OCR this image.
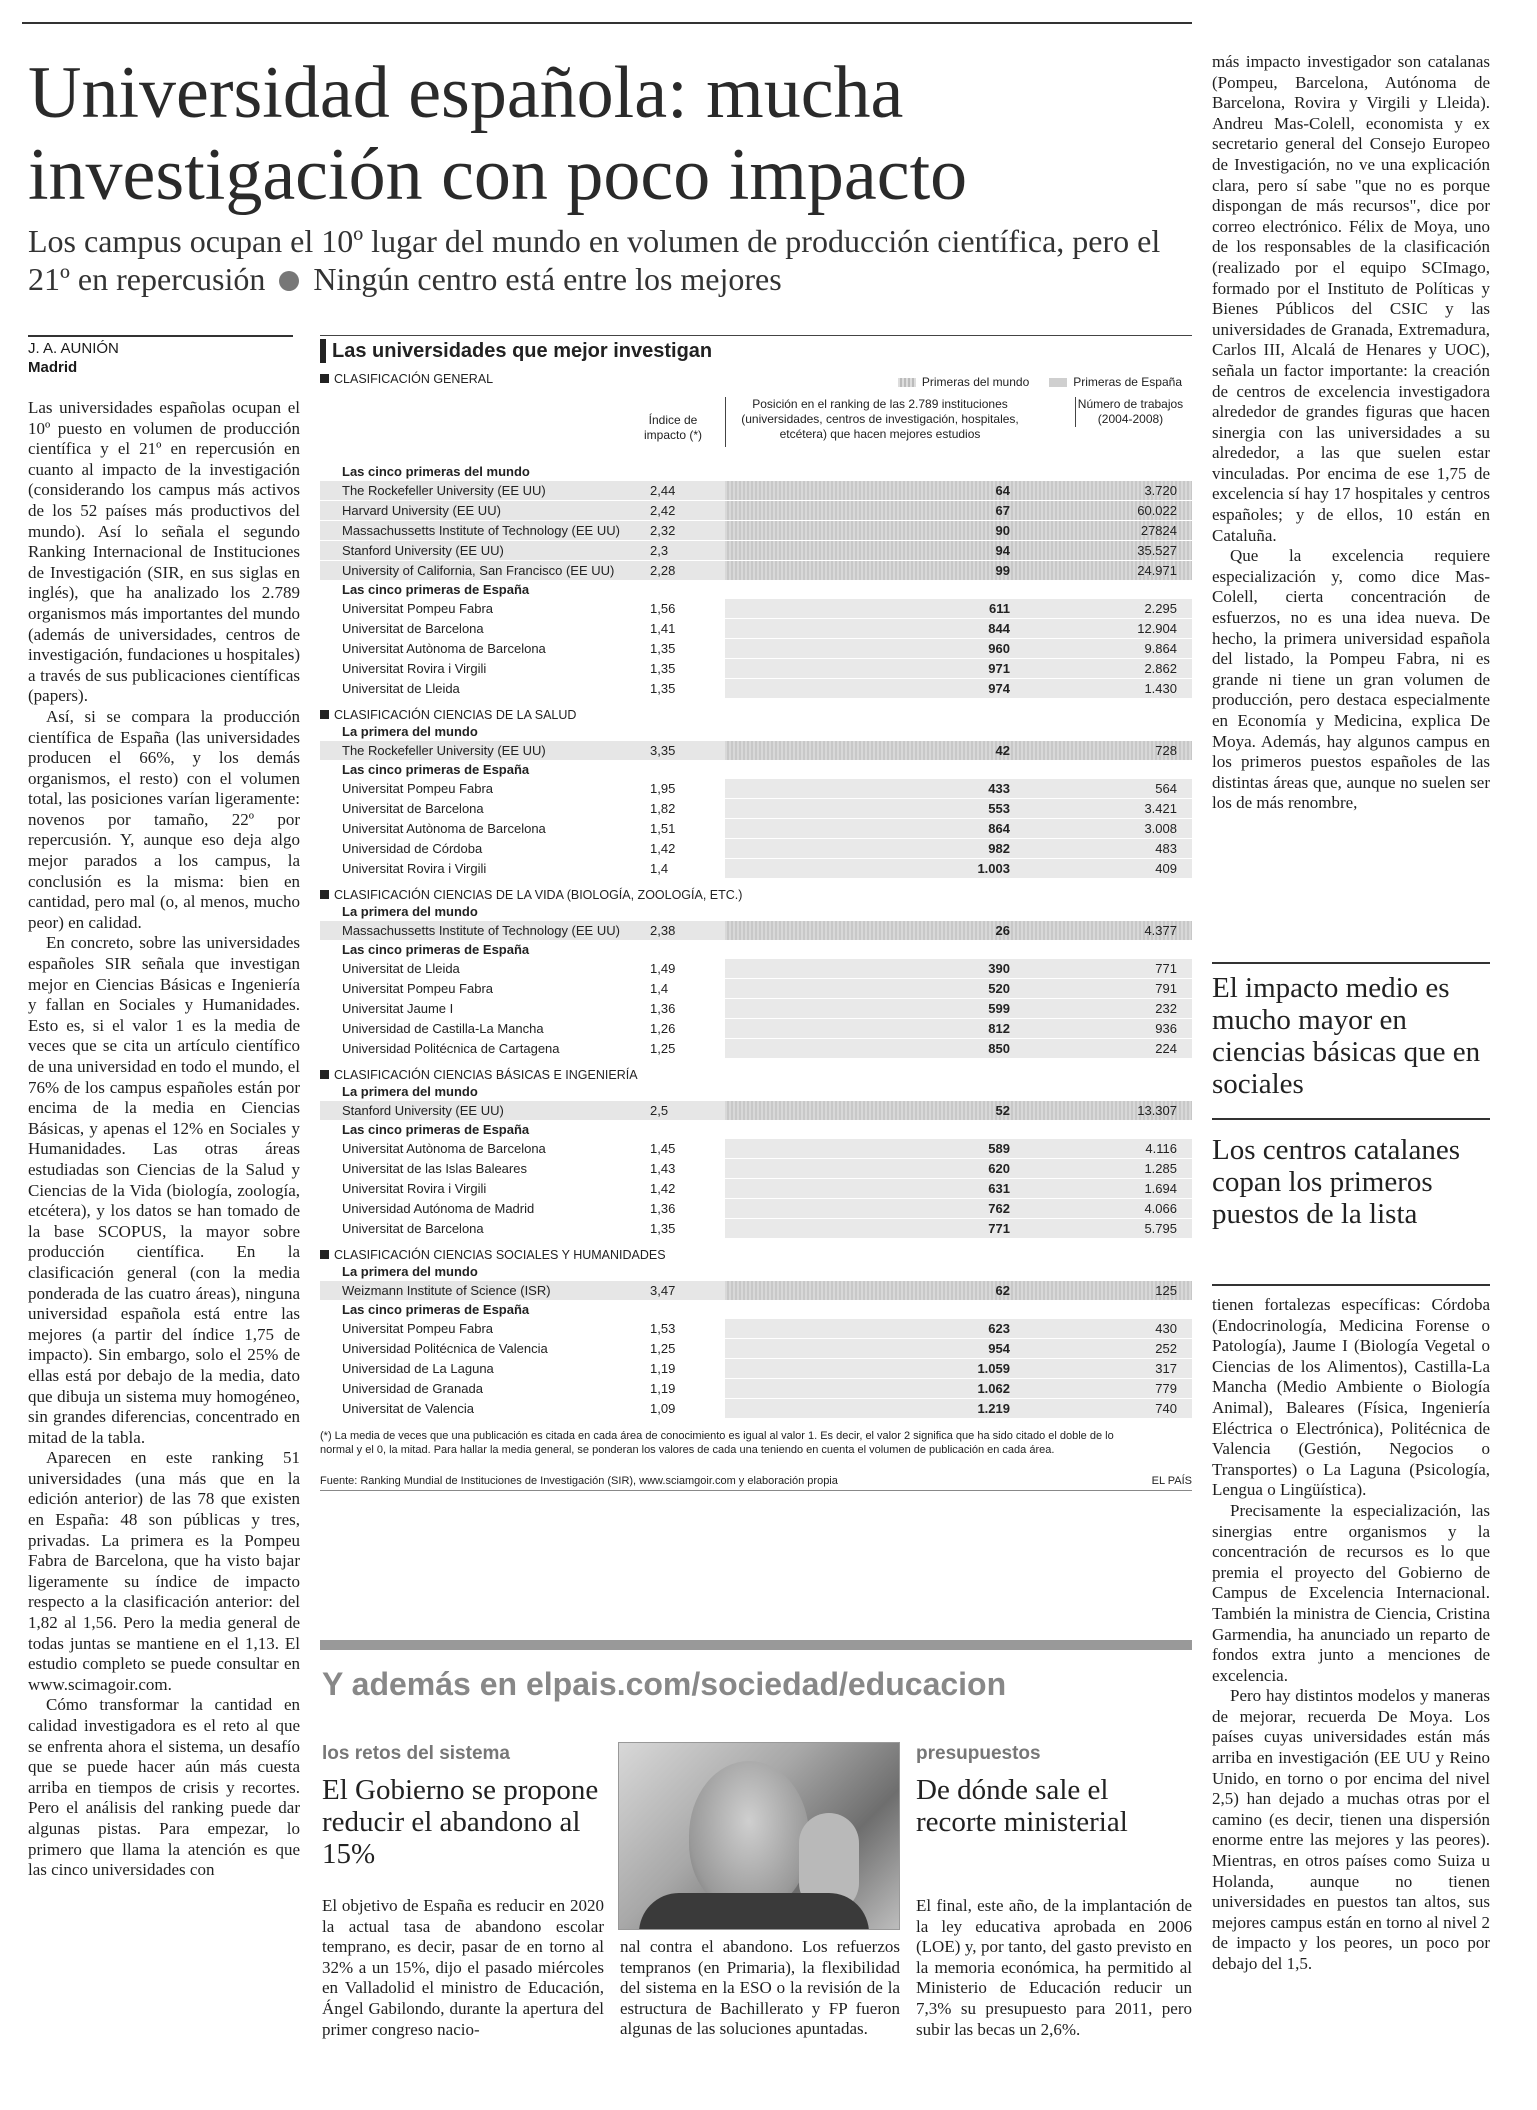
Universidad española: mucha investigación con poco impacto
Los campus ocupan el 10º lugar del mundo en volumen de producción científica, pero el 21º en repercusión Ningún centro está entre los mejores
J. A. AUNIÓN
Madrid

Las universidades españolas ocupan el 10º puesto en volumen de producción científica y el 21º en repercusión en cuanto al impacto de la investigación (considerando los campus más activos de los 52 países más productivos del mundo). Así lo señala el segundo Ranking Internacional de Instituciones de Investigación (SIR, en sus siglas en inglés), que ha analizado los 2.789 organismos más importantes del mundo (además de universidades, centros de investigación, fundaciones u hospitales) a través de sus publicaciones científicas (papers).

Así, si se compara la producción científica de España (las universidades producen el 66%, y los demás organismos, el resto) con el volumen total, las posiciones varían ligeramente: novenos por tamaño, 22º por repercusión. Y, aunque eso deja algo mejor parados a los campus, la conclusión es la misma: bien en cantidad, pero mal (o, al menos, mucho peor) en calidad.

En concreto, sobre las universidades españoles SIR señala que investigan mejor en Ciencias Básicas e Ingeniería y fallan en Sociales y Humanidades. Esto es, si el valor 1 es la media de veces que se cita un artículo científico de una universidad en todo el mundo, el 76% de los campus españoles están por encima de la media en Ciencias Básicas, y apenas el 12% en Sociales y Humanidades. Las otras áreas estudiadas son Ciencias de la Salud y Ciencias de la Vida (biología, zoología, etcétera), y los datos se han tomado de la base SCOPUS, la mayor sobre producción científica. En la clasificación general (con la media ponderada de las cuatro áreas), ninguna universidad española está entre las mejores (a partir del índice 1,75 de impacto). Sin embargo, solo el 25% de ellas está por debajo de la media, dato que dibuja un sistema muy homogéneo, sin grandes diferencias, concentrado en mitad de la tabla.

Aparecen en este ranking 51 universidades (una más que en la edición anterior) de las 78 que existen en España: 48 son públicas y tres, privadas. La primera es la Pompeu Fabra de Barcelona, que ha visto bajar ligeramente su índice de impacto respecto a la clasificación anterior: del 1,82 al 1,56. Pero la media general de todas juntas se mantiene en el 1,13. El estudio completo se puede consultar en www.scimagoir.com.

Cómo transformar la cantidad en calidad investigadora es el reto al que se enfrenta ahora el sistema, un desafío que se puede hacer aún más cuesta arriba en tiempos de crisis y recortes. Pero el análisis del ranking puede dar algunas pistas. Para empezar, lo primero que llama la atención es que las cinco universidades con

Las universidades que mejor investigan
Primeras del mundo	Primeras de España
CLASIFICACIÓN GENERAL
Índice de impacto (*)
Posición en el ranking de las 2.789 instituciones (universidades, centros de investigación, hospitales, etcétera) que hacen mejores estudios
Número de trabajos (2004-2008)
Las cinco primeras del mundo
The Rockefeller University (EE UU)	2,44	64	3.720
Harvard University (EE UU)	2,42	67	60.022
Massachussetts Institute of Technology (EE UU)	2,32	90	27824
Stanford University (EE UU)	2,3	94	35.527
University of California, San Francisco (EE UU)	2,28	99	24.971
Las cinco primeras de España
Universitat Pompeu Fabra	1,56	611	2.295
Universitat de Barcelona	1,41	844	12.904
Universitat Autònoma de Barcelona	1,35	960	9.864
Universitat Rovira i Virgili	1,35	971	2.862
Universitat de Lleida	1,35	974	1.430
CLASIFICACIÓN CIENCIAS DE LA SALUD
La primera del mundo
The Rockefeller University (EE UU)	3,35	42	728
Las cinco primeras de España
Universitat Pompeu Fabra	1,95	433	564
Universitat de Barcelona	1,82	553	3.421
Universitat Autònoma de Barcelona	1,51	864	3.008
Universidad de Córdoba	1,42	982	483
Universitat Rovira i Virgili	1,4	1.003	409
CLASIFICACIÓN CIENCIAS DE LA VIDA (BIOLOGÍA, ZOOLOGÍA, ETC.)
La primera del mundo
Massachussetts Institute of Technology (EE UU)	2,38	26	4.377
Las cinco primeras de España
Universitat de Lleida	1,49	390	771
Universitat Pompeu Fabra	1,4	520	791
Universitat Jaume I	1,36	599	232
Universidad de Castilla-La Mancha	1,26	812	936
Universidad Politécnica de Cartagena	1,25	850	224
CLASIFICACIÓN CIENCIAS BÁSICAS E INGENIERÍA
La primera del mundo
Stanford University (EE UU)	2,5	52	13.307
Las cinco primeras de España
Universitat Autònoma de Barcelona	1,45	589	4.116
Universitat de las Islas Baleares	1,43	620	1.285
Universitat Rovira i Virgili	1,42	631	1.694
Universidad Autónoma de Madrid	1,36	762	4.066
Universitat de Barcelona	1,35	771	5.795
CLASIFICACIÓN CIENCIAS SOCIALES Y HUMANIDADES
La primera del mundo
Weizmann Institute of Science (ISR)	3,47	62	125
Las cinco primeras de España
Universitat Pompeu Fabra	1,53	623	430
Universidad Politécnica de Valencia	1,25	954	252
Universidad de La Laguna	1,19	1.059	317
Universidad de Granada	1,19	1.062	779
Universitat de Valencia	1,09	1.219	740
(*) La media de veces que una publicación es citada en cada área de conocimiento es igual al valor 1. Es decir, el valor 2 significa que ha sido citado el doble de lo normal y el 0, la mitad. Para hallar la media general, se ponderan los valores de cada una teniendo en cuenta el volumen de publicación en cada área.
Fuente: Ranking Mundial de Instituciones de Investigación (SIR), www.sciamgoir.com y elaboración propia	EL PAÍS
Y además en elpais.com/sociedad/educacion
los retos del sistema
El Gobierno se propone reducir el abandono al 15%
El objetivo de España es reducir en 2020 la actual tasa de abandono escolar temprano, es decir, pasar de en torno al 32% a un 15%, dijo el pasado miércoles en Valladolid el ministro de Educación, Ángel Gabilondo, durante la apertura del primer congreso nacio-
nal contra el abandono. Los refuerzos tempranos (en Primaria), la flexibilidad del sistema en la ESO o la revisión de la estructura de Bachillerato y FP fueron algunas de las soluciones apuntadas.
presupuestos
De dónde sale el recorte ministerial
El final, este año, de la implantación de la ley educativa aprobada en 2006 (LOE) y, por tanto, del gasto previsto en la memoria económica, ha permitido al Ministerio de Educación reducir un 7,3% su presupuesto para 2011, pero subir las becas un 2,6%.

más impacto investigador son catalanas (Pompeu, Barcelona, Autónoma de Barcelona, Rovira y Virgili y Lleida). Andreu Mas-Colell, economista y ex secretario general del Consejo Europeo de Investigación, no ve una explicación clara, pero sí sabe "que no es porque dispongan de más recursos", dice por correo electrónico. Félix de Moya, uno de los responsables de la clasificación (realizado por el equipo SCImago, formado por el Instituto de Políticas y Bienes Públicos del CSIC y las universidades de Granada, Extremadura, Carlos III, Alcalá de Henares y UOC), señala un factor importante: la creación de centros de excelencia investigadora alrededor de grandes figuras que hacen sinergia con las universidades a su alrededor, a las que suelen estar vinculadas. Por encima de ese 1,75 de excelencia sí hay 17 hospitales y centros españoles; y de ellos, 10 están en Cataluña.

Que la excelencia requiere especialización y, como dice Mas-Colell, cierta concentración de esfuerzos, no es una idea nueva. De hecho, la primera universidad española del listado, la Pompeu Fabra, ni es grande ni tiene un gran volumen de producción, pero destaca especialmente en Economía y Medicina, explica De Moya. Además, hay algunos campus en los primeros puestos españoles de las distintas áreas que, aunque no suelen ser los de más renombre,

El impacto medio es mucho mayor en ciencias básicas que en sociales
Los centros catalanes copan los primeros puestos de la lista

tienen fortalezas específicas: Córdoba (Endocrinología, Medicina Forense o Patología), Jaume I (Biología Vegetal o Ciencias de los Alimentos), Castilla-La Mancha (Medio Ambiente o Biología Animal), Baleares (Física, Ingeniería Eléctrica o Electrónica), Politécnica de Valencia (Gestión, Negocios o Transportes) o La Laguna (Psicología, Lengua o Lingüística).

Precisamente la especialización, las sinergias entre organismos y la concentración de recursos es lo que premia el proyecto del Gobierno de Campus de Excelencia Internacional. También la ministra de Ciencia, Cristina Garmendia, ha anunciado un reparto de fondos extra junto a menciones de excelencia.

Pero hay distintos modelos y maneras de mejorar, recuerda De Moya. Los países cuyas universidades están más arriba en investigación (EE UU y Reino Unido, en torno o por encima del nivel 2,5) han dejado a muchas otras por el camino (es decir, tienen una dispersión enorme entre las mejores y las peores). Mientras, en otros países como Suiza u Holanda, aunque no tienen universidades en puestos tan altos, sus mejores campus están en torno al nivel 2 de impacto y los peores, un poco por debajo del 1,5.
